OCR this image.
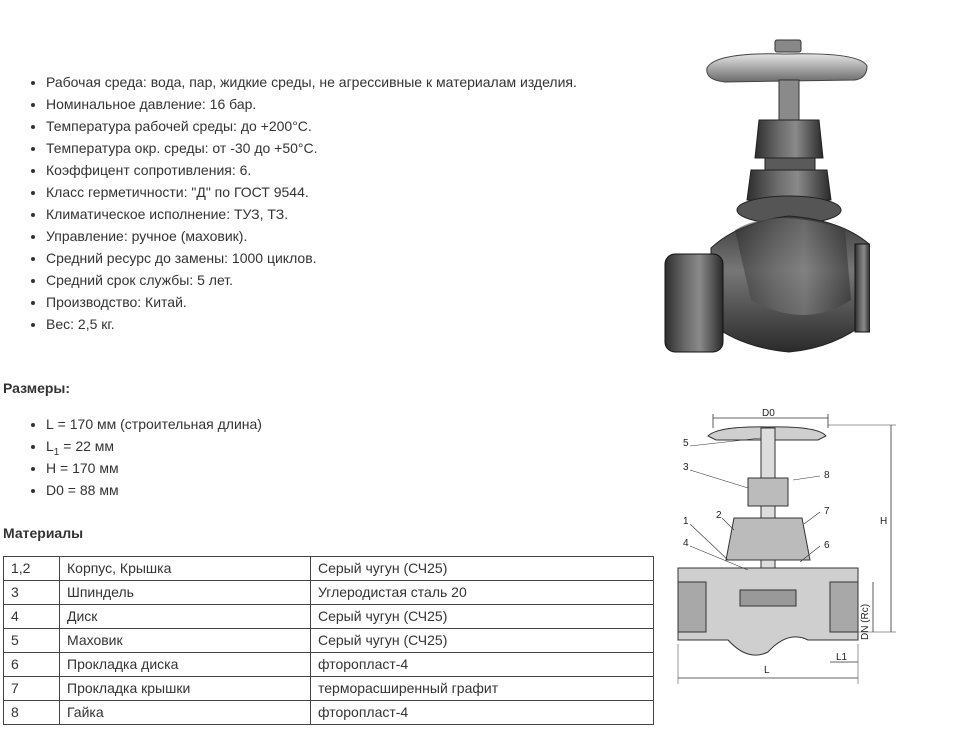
• Рабочая среда: вода, пар, жидкие среды, не агрессивные к материалам изделия.
• Номинальное давление: 16 бар.
• Температура рабочей среды: до +200°С.
• Температура окр. среды: от -30 до +50°С.
• Коэффицент сопротивления: 6.
• Класс герметичности: "Д" по ГОСТ 9544.
• Климатическое исполнение: ТУЗ, ТЗ.
• Управление: ручное (маховик).
• Средний ресурс до замены: 1000 циклов.
• Средний срок службы: 5 лет.
• Производство: Китай.
• Вес: 2,5 кг.
Размеры:
• L = 170 мм (строительная длина)
• $L_1 = 22$ мм
• H = 170 мм
• D0 = 88 мм
Материалы
1,2	Корпус, Крышка	Серый чугун (СЧ25)
3	Шпиндель	Углеродистая сталь 20
4	Диск	Серый чугун (СЧ25)
5	Маховик	Серый чугун (СЧ25)
6	Прокладка диска	фторопласт-4
7	Прокладка крышки	терморасширенный графит
8	Гайка	фторопласт-4
D0
H
DN (Rc)
L
L1
5
3
8
2
1
4
7
6
